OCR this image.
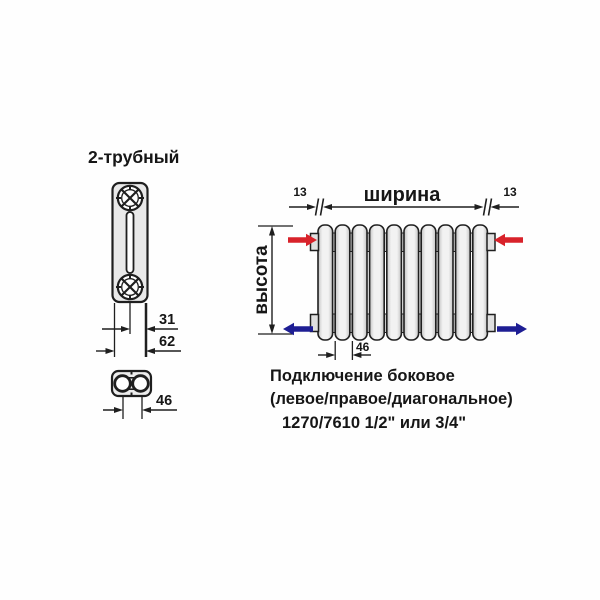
2-трубный
31
62
46
ширина
13	13
высота
46
Подключение боковое
(левое/правое/диагональное)
1270/7610 1/2" или 3/4"
